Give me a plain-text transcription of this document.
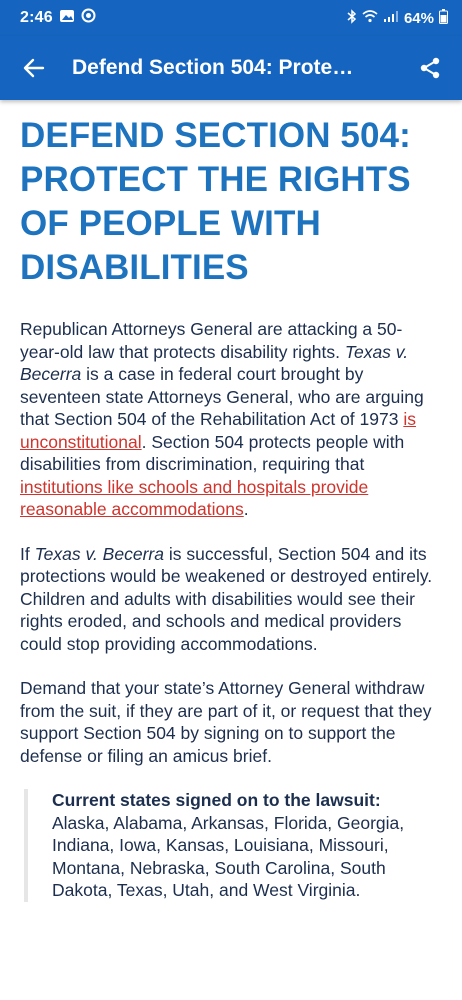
2:46	64%
Defend Section 504: Prote…
DEFEND SECTION 504: PROTECT THE RIGHTS OF PEOPLE WITH DISABILITIES

Republican Attorneys General are attacking a 50-year-old law that protects disability rights. Texas v. Becerra is a case in federal court brought by seventeen state Attorneys General, who are arguing that Section 504 of the Rehabilitation Act of 1973 is unconstitutional. Section 504 protects people with disabilities from discrimination, requiring that institutions like schools and hospitals provide reasonable accommodations.

If Texas v. Becerra is successful, Section 504 and its protections would be weakened or destroyed entirely. Children and adults with disabilities would see their rights eroded, and schools and medical providers could stop providing accommodations.

Demand that your state’s Attorney General withdraw from the suit, if they are part of it, or request that they support Section 504 by signing on to support the defense or filing an amicus brief.

Current states signed on to the lawsuit:
Alaska, Alabama, Arkansas, Florida, Georgia, Indiana, Iowa, Kansas, Louisiana, Missouri, Montana, Nebraska, South Carolina, South Dakota, Texas, Utah, and West Virginia.
